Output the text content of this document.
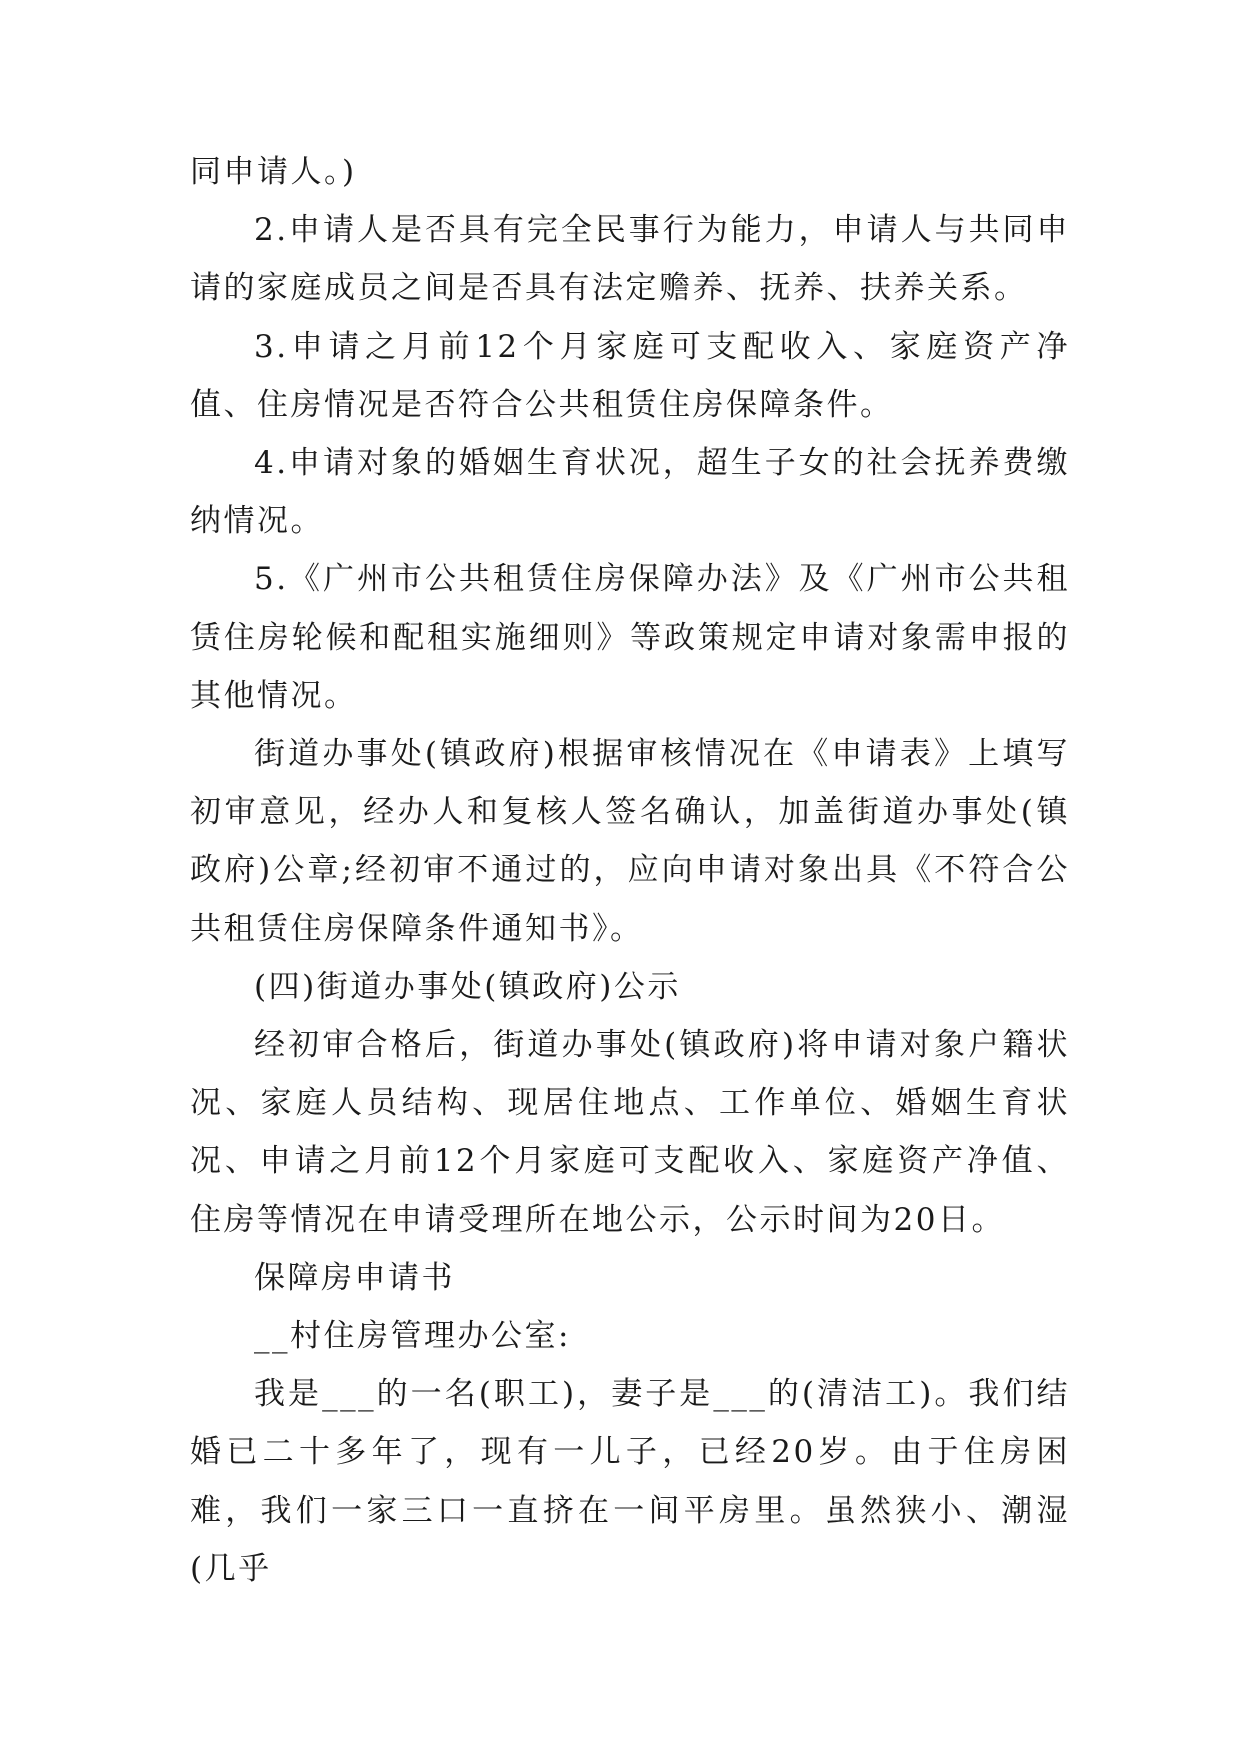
同申请人。)

2.申请人是否具有完全民事行为能力，申请人与共同申请的家庭成员之间是否具有法定赡养、抚养、扶养关系。

3.申请之月前12个月家庭可支配收入、家庭资产净值、住房情况是否符合公共租赁住房保障条件。

4.申请对象的婚姻生育状况，超生子女的社会抚养费缴纳情况。

5.《广州市公共租赁住房保障办法》及《广州市公共租赁住房轮候和配租实施细则》等政策规定申请对象需申报的其他情况。

街道办事处(镇政府)根据审核情况在《申请表》上填写初审意见，经办人和复核人签名确认，加盖街道办事处(镇政府)公章;经初审不通过的，应向申请对象出具《不符合公共租赁住房保障条件通知书》。

(四)街道办事处(镇政府)公示

经初审合格后，街道办事处(镇政府)将申请对象户籍状况、家庭人员结构、现居住地点、工作单位、婚姻生育状况、申请之月前12个月家庭可支配收入、家庭资产净值、住房等情况在申请受理所在地公示，公示时间为20日。

保障房申请书

__村住房管理办公室:

我是___的一名(职工)，妻子是___的(清洁工)。我们结婚已二十多年了，现有一儿子，已经20岁。由于住房困难，我们一家三口一直挤在一间平房里。虽然狭小、潮湿(几乎
